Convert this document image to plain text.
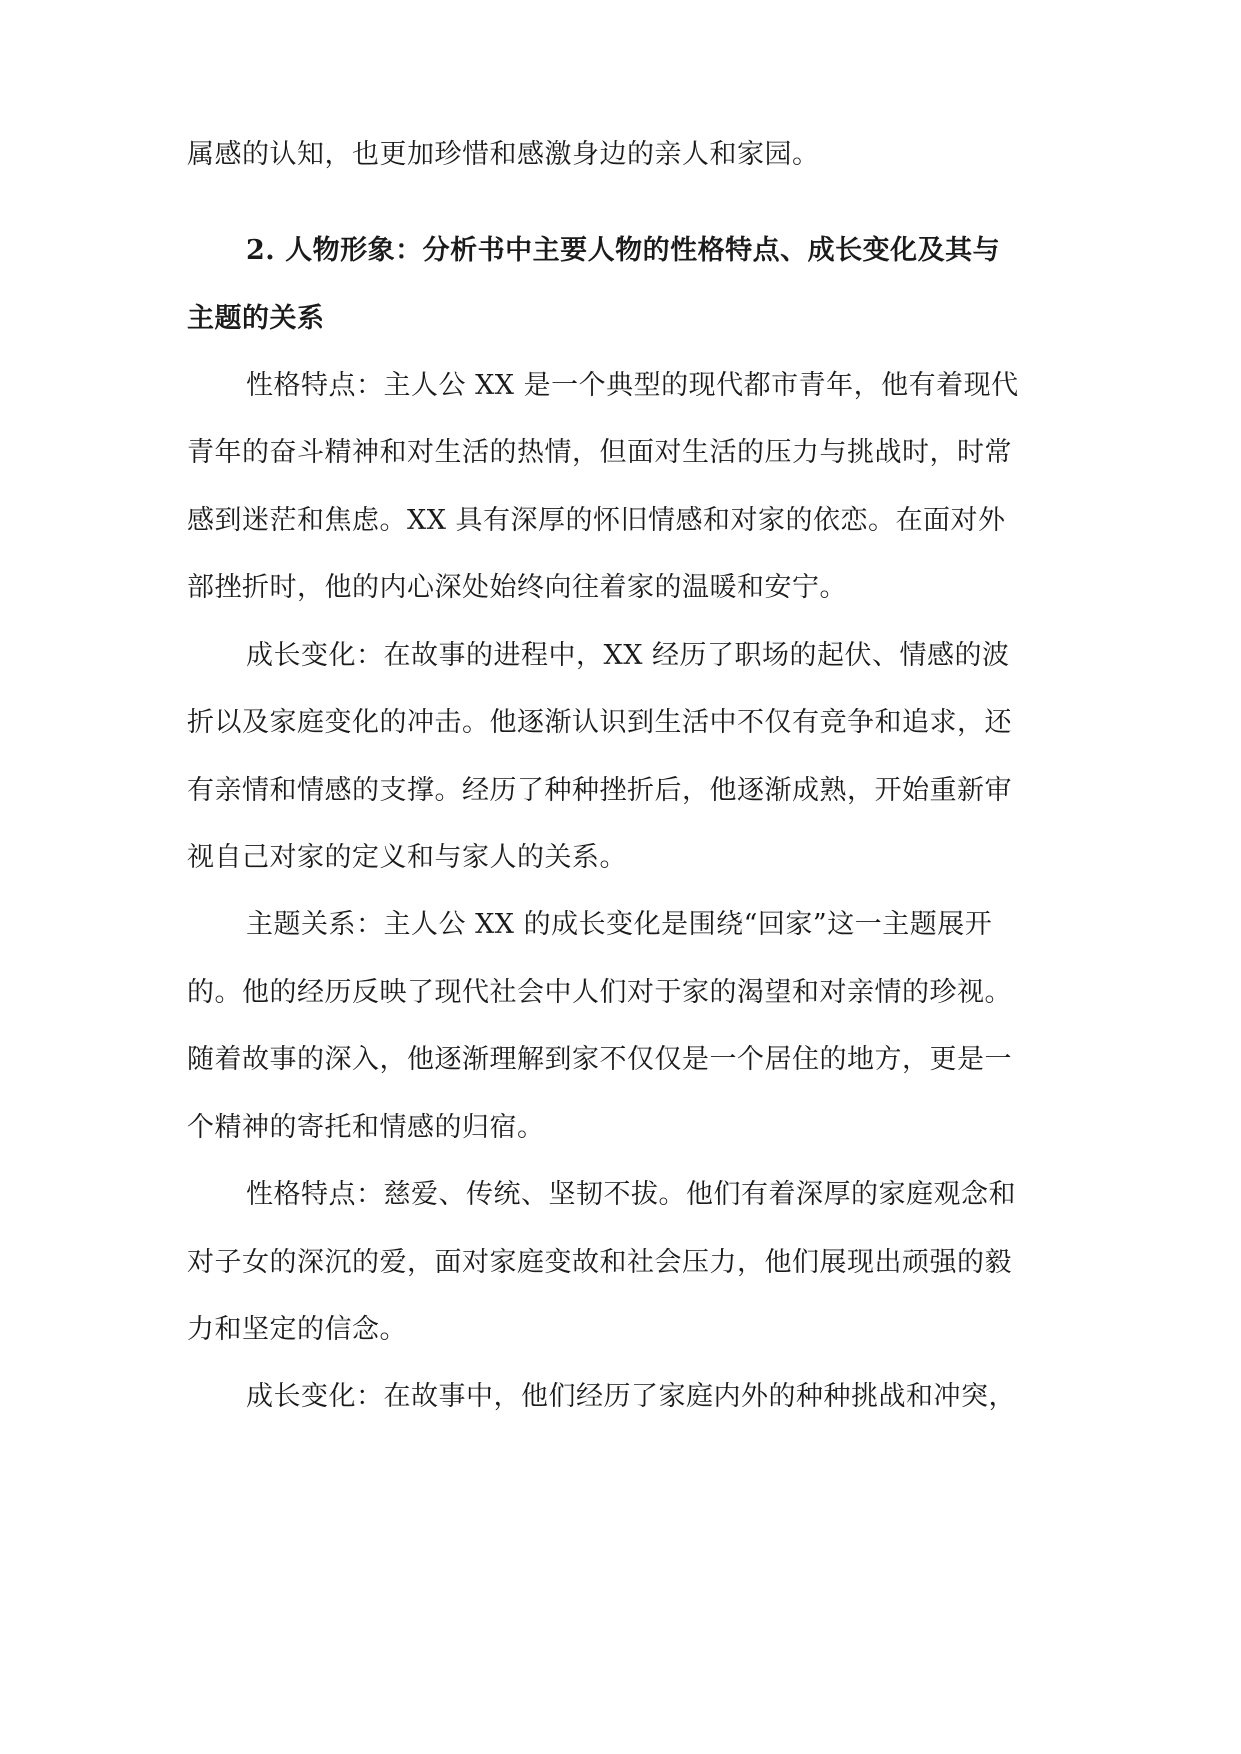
属感的认知，也更加珍惜和感激身边的亲人和家园。
2. 人物形象：分析书中主要人物的性格特点、成长变化及其与
主题的关系
性格特点：主人公 XX 是一个典型的现代都市青年，他有着现代
青年的奋斗精神和对生活的热情，但面对生活的压力与挑战时，时常
感到迷茫和焦虑。XX 具有深厚的怀旧情感和对家的依恋。在面对外
部挫折时，他的内心深处始终向往着家的温暖和安宁。
成长变化：在故事的进程中，XX 经历了职场的起伏、情感的波
折以及家庭变化的冲击。他逐渐认识到生活中不仅有竞争和追求，还
有亲情和情感的支撑。经历了种种挫折后，他逐渐成熟，开始重新审
视自己对家的定义和与家人的关系。
主题关系：主人公 XX 的成长变化是围绕“回家”这一主题展开
的。他的经历反映了现代社会中人们对于家的渴望和对亲情的珍视。
随着故事的深入，他逐渐理解到家不仅仅是一个居住的地方，更是一
个精神的寄托和情感的归宿。
性格特点：慈爱、传统、坚韧不拔。他们有着深厚的家庭观念和
对子女的深沉的爱，面对家庭变故和社会压力，他们展现出顽强的毅
力和坚定的信念。
成长变化：在故事中，他们经历了家庭内外的种种挑战和冲突，
